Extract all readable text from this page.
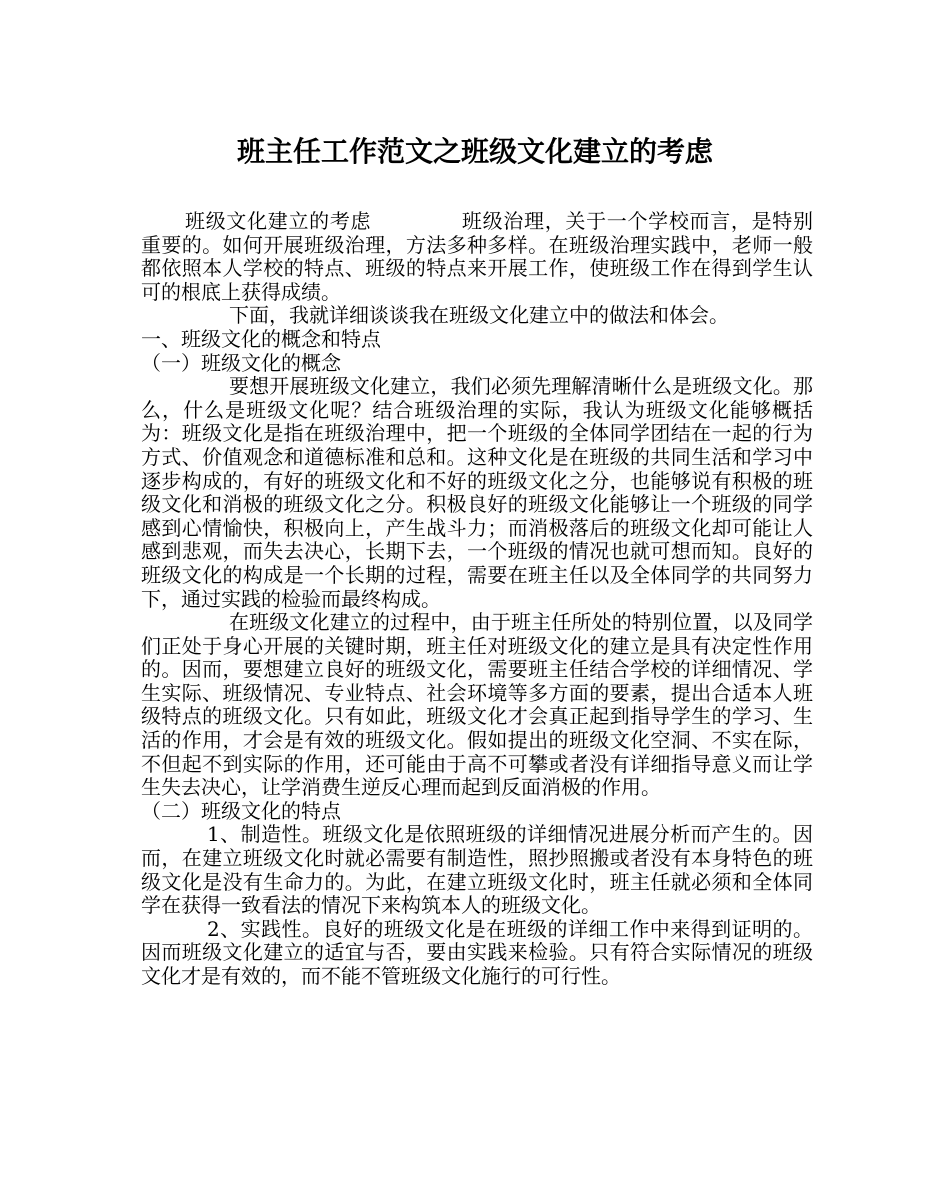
班主任工作范文之班级文化建立的考虑

班级文化建立的考虑	班级治理，关于一个学校而言，是特别重要的。如何开展班级治理，方法多种多样。在班级治理实践中，老师一般都依照本人学校的特点、班级的特点来开展工作，使班级工作在得到学生认可的根底上获得成绩。

下面，我就详细谈谈我在班级文化建立中的做法和体会。

一、班级文化的概念和特点

（一）班级文化的概念

要想开展班级文化建立，我们必须先理解清晰什么是班级文化。那么，什么是班级文化呢？结合班级治理的实际，我认为班级文化能够概括为：班级文化是指在班级治理中，把一个班级的全体同学团结在一起的行为方式、价值观念和道德标准和总和。这种文化是在班级的共同生活和学习中逐步构成的，有好的班级文化和不好的班级文化之分，也能够说有积极的班级文化和消极的班级文化之分。积极良好的班级文化能够让一个班级的同学感到心情愉快，积极向上，产生战斗力；而消极落后的班级文化却可能让人感到悲观，而失去决心，长期下去，一个班级的情况也就可想而知。良好的班级文化的构成是一个长期的过程，需要在班主任以及全体同学的共同努力下，通过实践的检验而最终构成。

在班级文化建立的过程中，由于班主任所处的特别位置，以及同学们正处于身心开展的关键时期，班主任对班级文化的建立是具有决定性作用的。因而，要想建立良好的班级文化，需要班主任结合学校的详细情况、学生实际、班级情况、专业特点、社会环境等多方面的要素，提出合适本人班级特点的班级文化。只有如此，班级文化才会真正起到指导学生的学习、生活的作用，才会是有效的班级文化。假如提出的班级文化空洞、不实在际，不但起不到实际的作用，还可能由于高不可攀或者没有详细指导意义而让学生失去决心，让学消费生逆反心理而起到反面消极的作用。

（二）班级文化的特点

1、制造性。班级文化是依照班级的详细情况进展分析而产生的。因而，在建立班级文化时就必需要有制造性，照抄照搬或者没有本身特色的班级文化是没有生命力的。为此，在建立班级文化时，班主任就必须和全体同学在获得一致看法的情况下来构筑本人的班级文化。

2、实践性。良好的班级文化是在班级的详细工作中来得到证明的。因而班级文化建立的适宜与否，要由实践来检验。只有符合实际情况的班级文化才是有效的，而不能不管班级文化施行的可行性。
